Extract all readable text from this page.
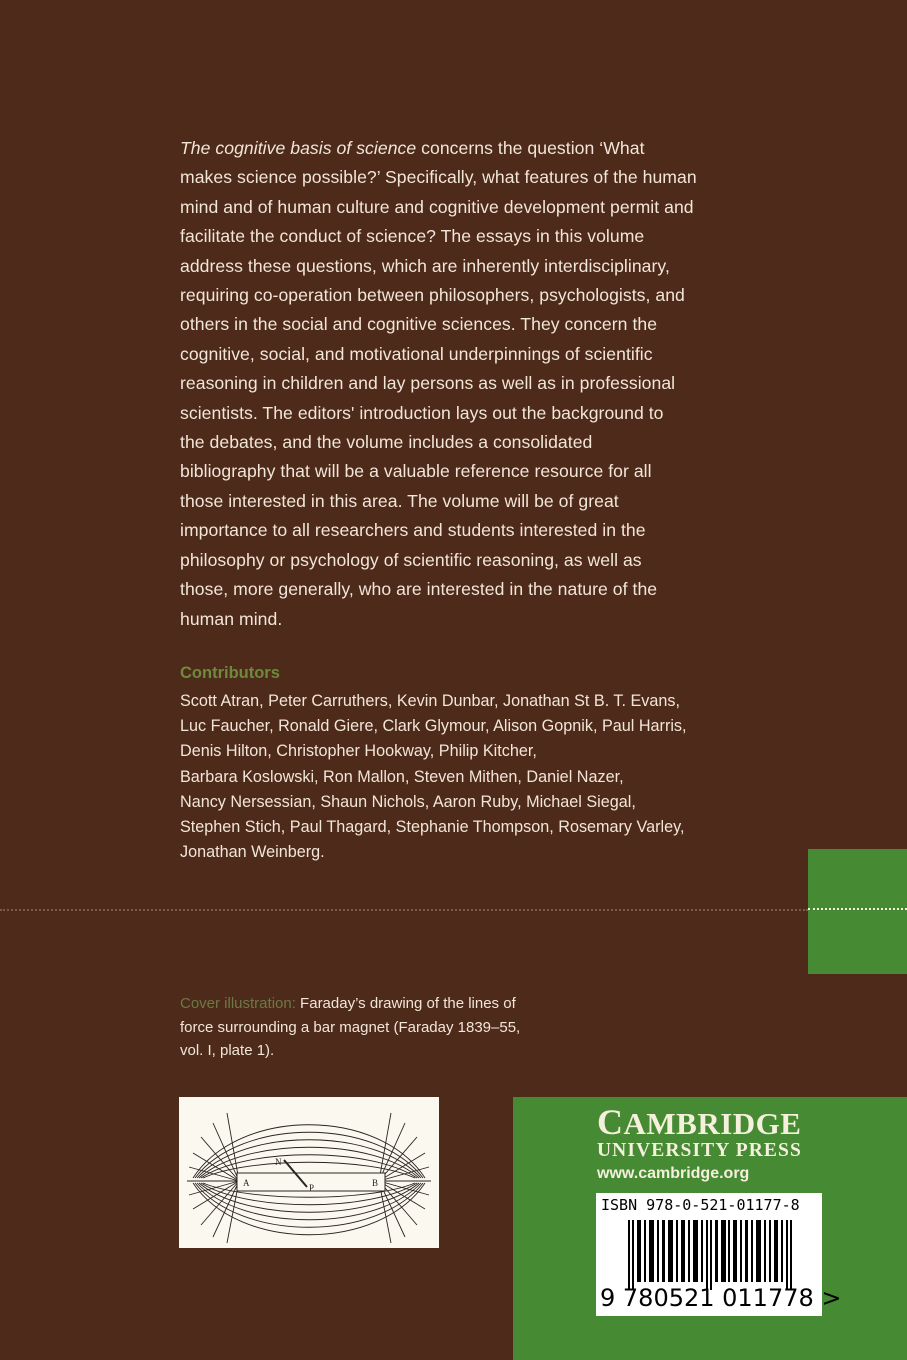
The cognitive basis of science concerns the question ‘What
makes science possible?’ Specifically, what features of the human
mind and of human culture and cognitive development permit and
facilitate the conduct of science? The essays in this volume
address these questions, which are inherently interdisciplinary,
requiring co-operation between philosophers, psychologists, and
others in the social and cognitive sciences. They concern the
cognitive, social, and motivational underpinnings of scientific
reasoning in children and lay persons as well as in professional
scientists. The editors' introduction lays out the background to
the debates, and the volume includes a consolidated
bibliography that will be a valuable reference resource for all
those interested in this area. The volume will be of great
importance to all researchers and students interested in the
philosophy or psychology of scientific reasoning, as well as
those, more generally, who are interested in the nature of the
human mind.
Contributors
Scott Atran, Peter Carruthers, Kevin Dunbar, Jonathan St B. T. Evans,
Luc Faucher, Ronald Giere, Clark Glymour, Alison Gopnik, Paul Harris,
Denis Hilton, Christopher Hookway, Philip Kitcher,
Barbara Koslowski, Ron Mallon, Steven Mithen, Daniel Nazer,
Nancy Nersessian, Shaun Nichols, Aaron Ruby, Michael Siegal,
Stephen Stich, Paul Thagard, Stephanie Thompson, Rosemary Varley,
Jonathan Weinberg.
Cover illustration: Faraday’s drawing of the lines of
force surrounding a bar magnet (Faraday 1839–55,
vol. I, plate 1).
A	B
N
P
CAMBRIDGE
UNIVERSITY PRESS
www.cambridge.org
ISBN 978-0-521-01177-8
9 780521 011778 >
